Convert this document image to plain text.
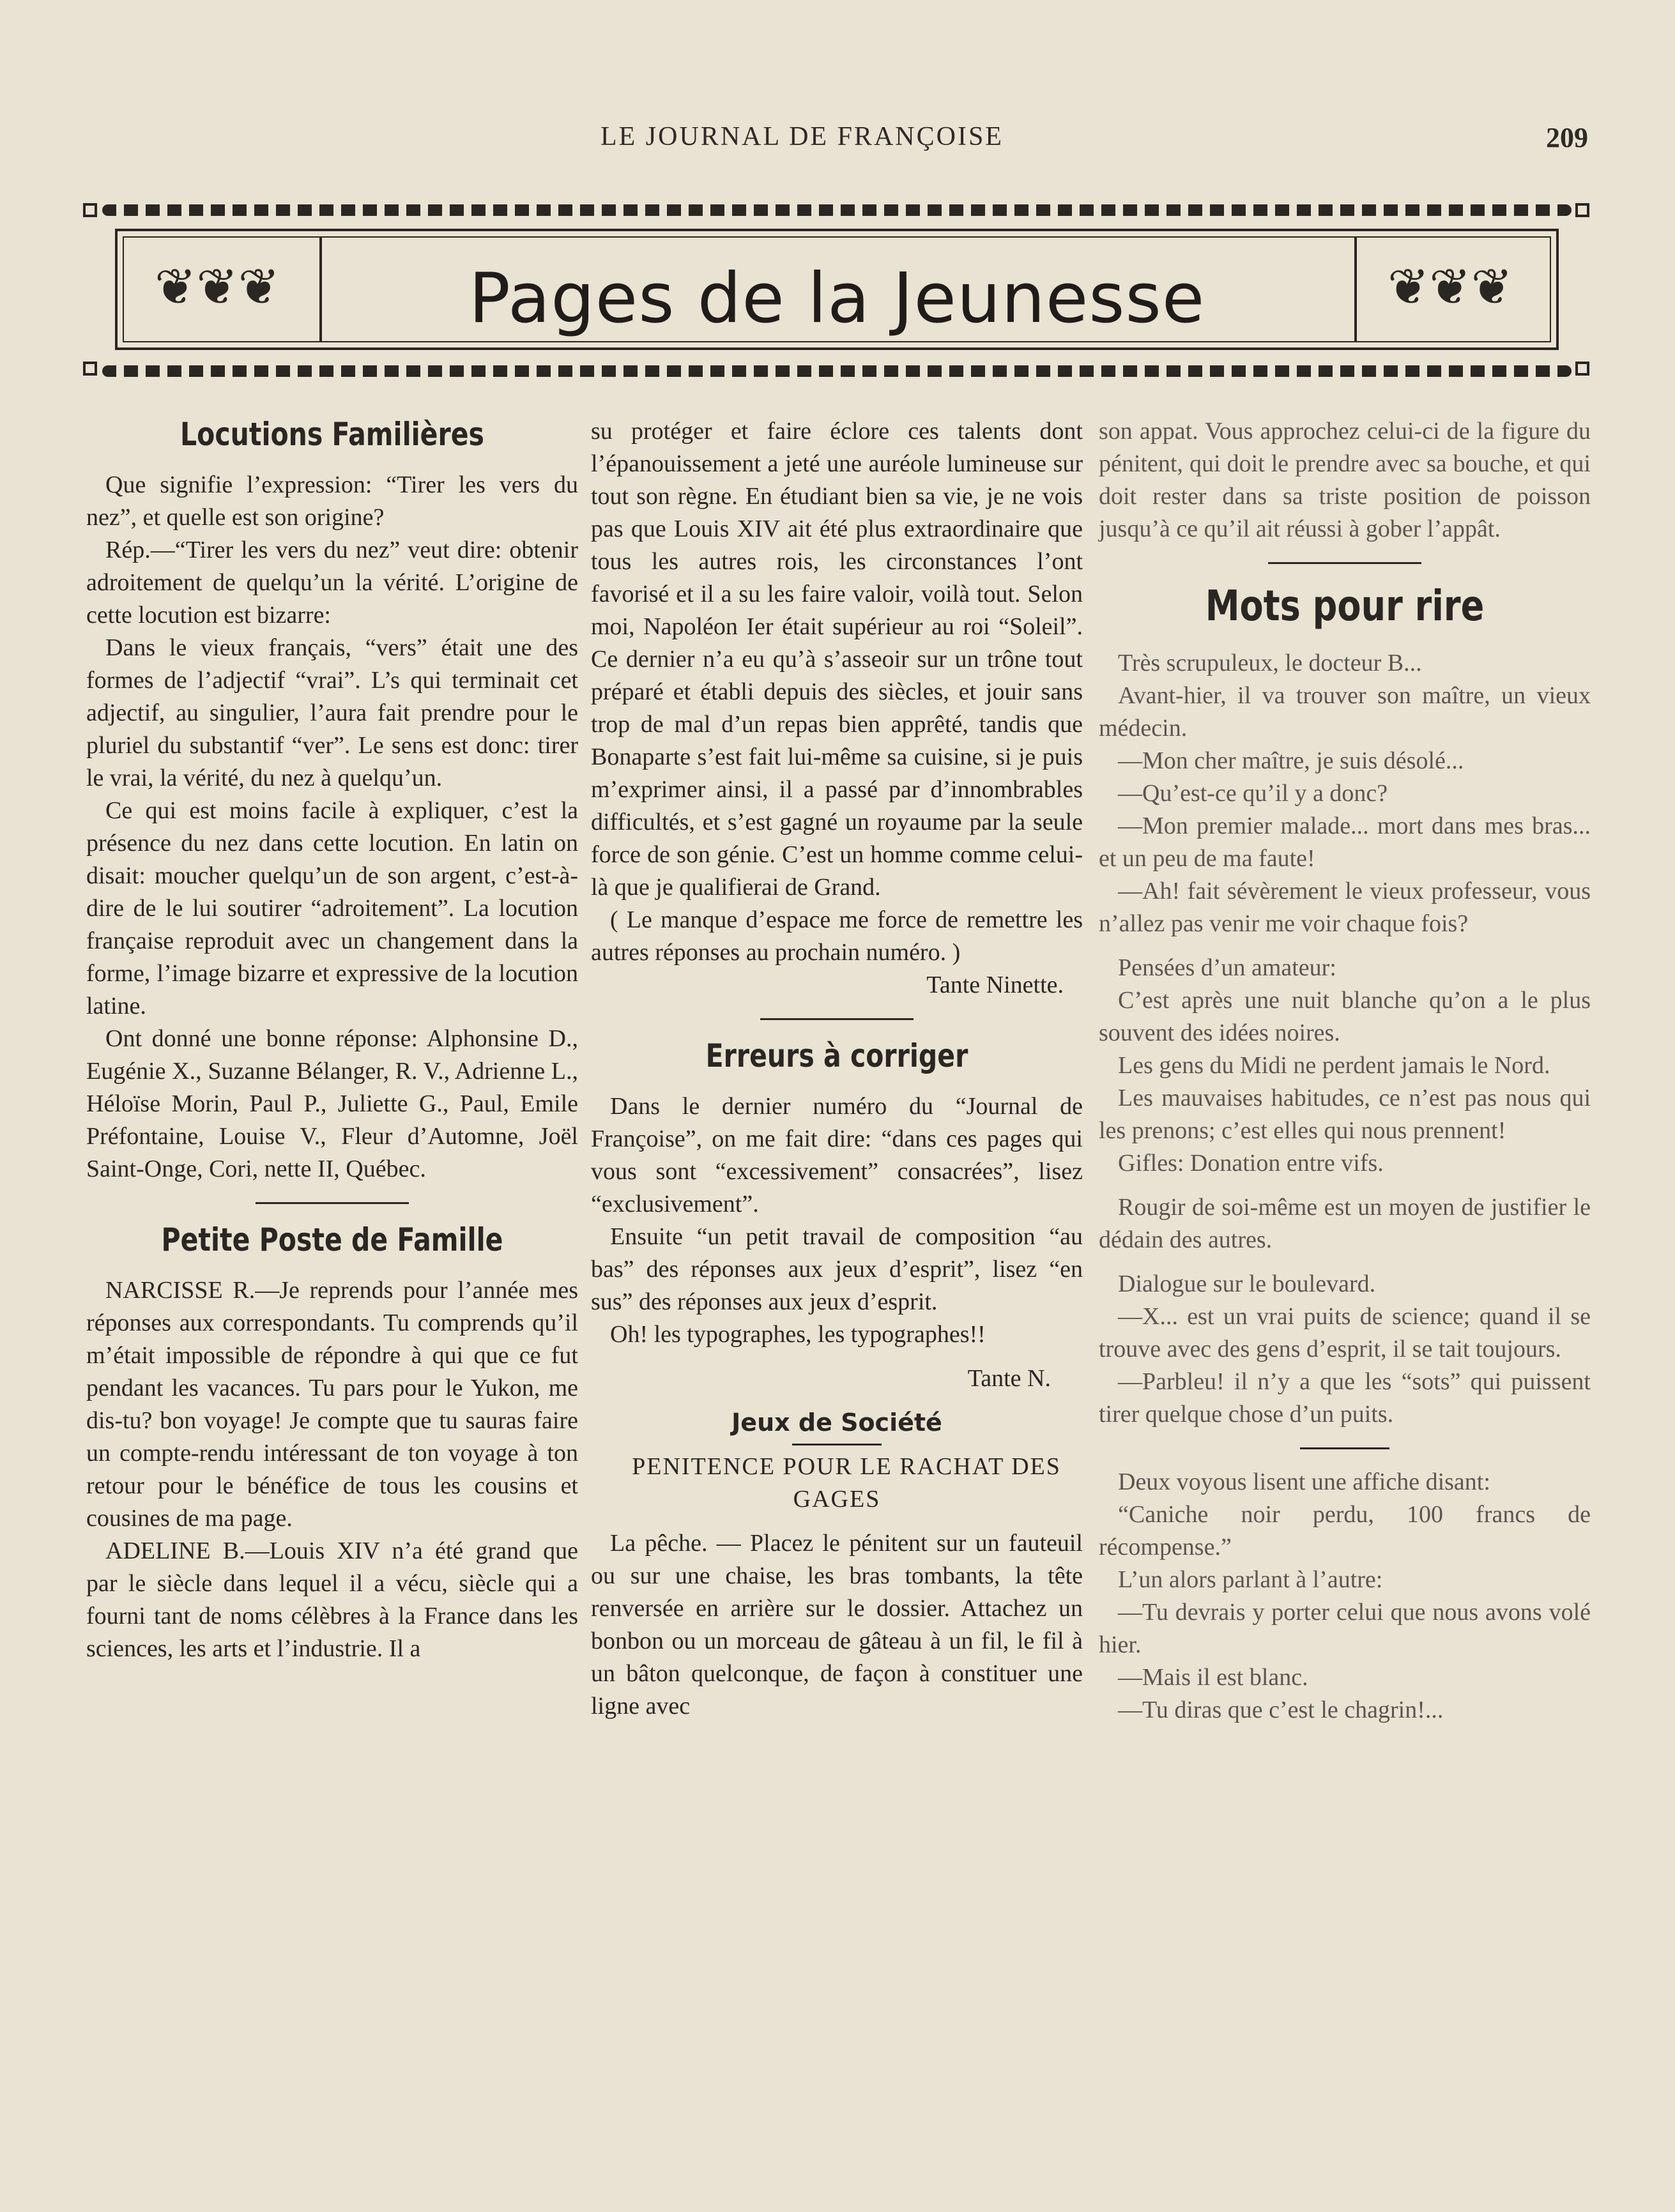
LE JOURNAL DE FRANÇOISE	209
❦❦❦	❦❦❦
Pages de la Jeunesse
Locutions Familières

Que signifie l’expression: “Tirer les vers du nez”, et quelle est son origine?

Rép.—“Tirer les vers du nez” veut dire: obtenir adroitement de quelqu’un la vérité. L’origine de cette locution est bizarre:

Dans le vieux français, “vers” était une des formes de l’adjectif “vrai”. L’s qui terminait cet adjectif, au singulier, l’aura fait prendre pour le pluriel du substantif “ver”. Le sens est donc: tirer le vrai, la vérité, du nez à quelqu’un.

Ce qui est moins facile à expliquer, c’est la présence du nez dans cette locution. En latin on disait: moucher quelqu’un de son argent, c’est-à-dire de le lui soutirer “adroitement”. La locution française reproduit avec un changement dans la forme, l’image bizarre et expressive de la locution latine.

Ont donné une bonne réponse: Alphonsine D., Eugénie X., Suzanne Bélanger, R. V., Adrienne L., Héloïse Morin, Paul P., Juliette G., Paul, Emile Préfontaine, Louise V., Fleur d’Automne, Joël Saint-Onge, Cori, nette II, Québec.

Petite Poste de Famille

NARCISSE R.—Je reprends pour l’année mes réponses aux correspondants. Tu comprends qu’il m’était impossible de répondre à qui que ce fut pendant les vacances. Tu pars pour le Yukon, me dis-tu? bon voyage! Je compte que tu sauras faire un compte-rendu intéressant de ton voyage à ton retour pour le bénéfice de tous les cousins et cousines de ma page.

ADELINE B.—Louis XIV n’a été grand que par le siècle dans lequel il a vécu, siècle qui a fourni tant de noms célèbres à la France dans les sciences, les arts et l’industrie. Il a

su protéger et faire éclore ces talents dont l’épanouissement a jeté une auréole lumineuse sur tout son règne. En étudiant bien sa vie, je ne vois pas que Louis XIV ait été plus extraordinaire que tous les autres rois, les circonstances l’ont favorisé et il a su les faire valoir, voilà tout. Selon moi, Napoléon Ier était supérieur au roi “Soleil”. Ce dernier n’a eu qu’à s’asseoir sur un trône tout préparé et établi depuis des siècles, et jouir sans trop de mal d’un repas bien apprêté, tandis que Bonaparte s’est fait lui-même sa cuisine, si je puis m’exprimer ainsi, il a passé par d’innombrables difficultés, et s’est gagné un royaume par la seule force de son génie. C’est un homme comme celui-là que je qualifierai de Grand.

( Le manque d’espace me force de remettre les autres réponses au prochain numéro. )

Tante Ninette.

Erreurs à corriger

Dans le dernier numéro du “Journal de Françoise”, on me fait dire: “dans ces pages qui vous sont “excessivement” consacrées”, lisez “exclusivement”.

Ensuite “un petit travail de composition “au bas” des réponses aux jeux d’esprit”, lisez “en sus” des réponses aux jeux d’esprit.

Oh! les typographes, les typographes!!

Tante N.

Jeux de Société

PENITENCE POUR LE RACHAT DES GAGES

La pêche. — Placez le pénitent sur un fauteuil ou sur une chaise, les bras tombants, la tête renversée en arrière sur le dossier. Attachez un bonbon ou un morceau de gâteau à un fil, le fil à un bâton quelconque, de façon à constituer une ligne avec

son appat. Vous approchez celui-ci de la figure du pénitent, qui doit le prendre avec sa bouche, et qui doit rester dans sa triste position de poisson jusqu’à ce qu’il ait réussi à gober l’appât.

Mots pour rire

Très scrupuleux, le docteur B...

Avant-hier, il va trouver son maître, un vieux médecin.

—Mon cher maître, je suis désolé...

—Qu’est-ce qu’il y a donc?

—Mon premier malade... mort dans mes bras... et un peu de ma faute!

—Ah! fait sévèrement le vieux professeur, vous n’allez pas venir me voir chaque fois?

Pensées d’un amateur:

C’est après une nuit blanche qu’on a le plus souvent des idées noires.

Les gens du Midi ne perdent jamais le Nord.

Les mauvaises habitudes, ce n’est pas nous qui les prenons; c’est elles qui nous prennent!

Gifles: Donation entre vifs.

Rougir de soi-même est un moyen de justifier le dédain des autres.

Dialogue sur le boulevard.

—X... est un vrai puits de science; quand il se trouve avec des gens d’esprit, il se tait toujours.

—Parbleu! il n’y a que les “sots” qui puissent tirer quelque chose d’un puits.

Deux voyous lisent une affiche disant:

“Caniche noir perdu, 100 francs de récompense.”

L’un alors parlant à l’autre:

—Tu devrais y porter celui que nous avons volé hier.

—Mais il est blanc.

—Tu diras que c’est le chagrin!...
